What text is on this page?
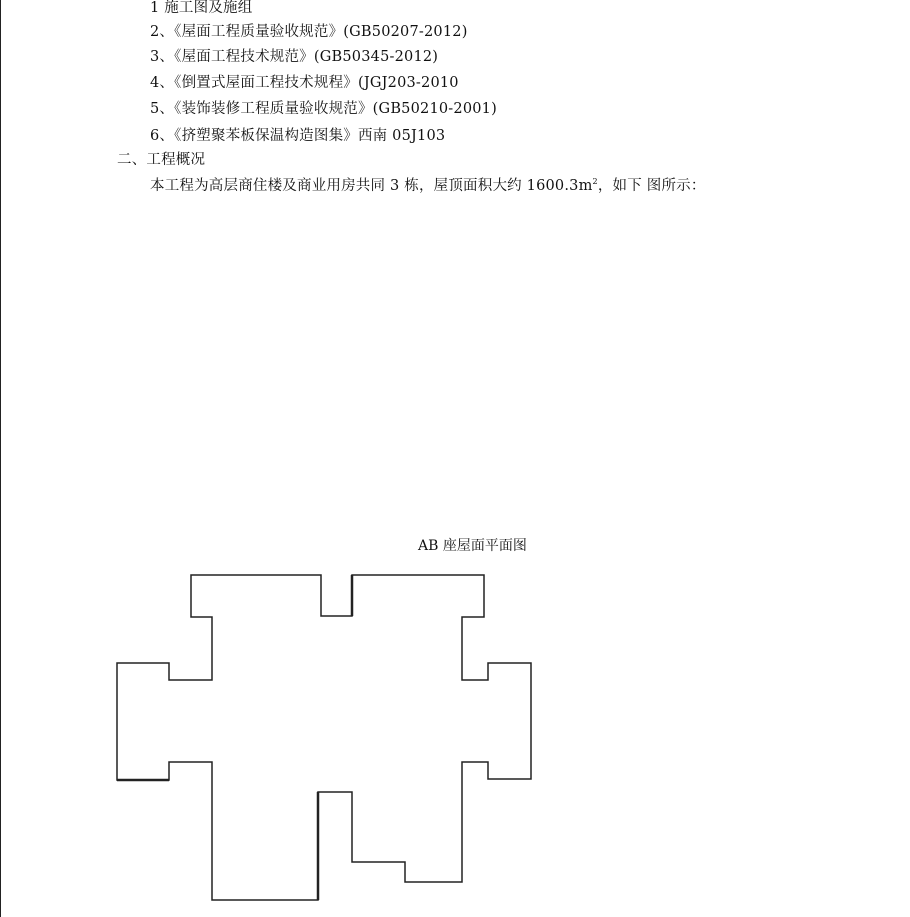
1 施工图及施组
2、《屋面工程质量验收规范》(GB50207-2012)
3、《屋面工程技术规范》(GB50345-2012)
4、《倒置式屋面工程技术规程》(JGJ203-2010
5、《装饰装修工程质量验收规范》(GB50210-2001)
6、《挤塑聚苯板保温构造图集》西南 05J103
二、工程概况
本工程为高层商住楼及商业用房共同 3 栋，屋顶面积大约 $1600.3m^2$，如下 图所示：
AB 座屋面平面图
